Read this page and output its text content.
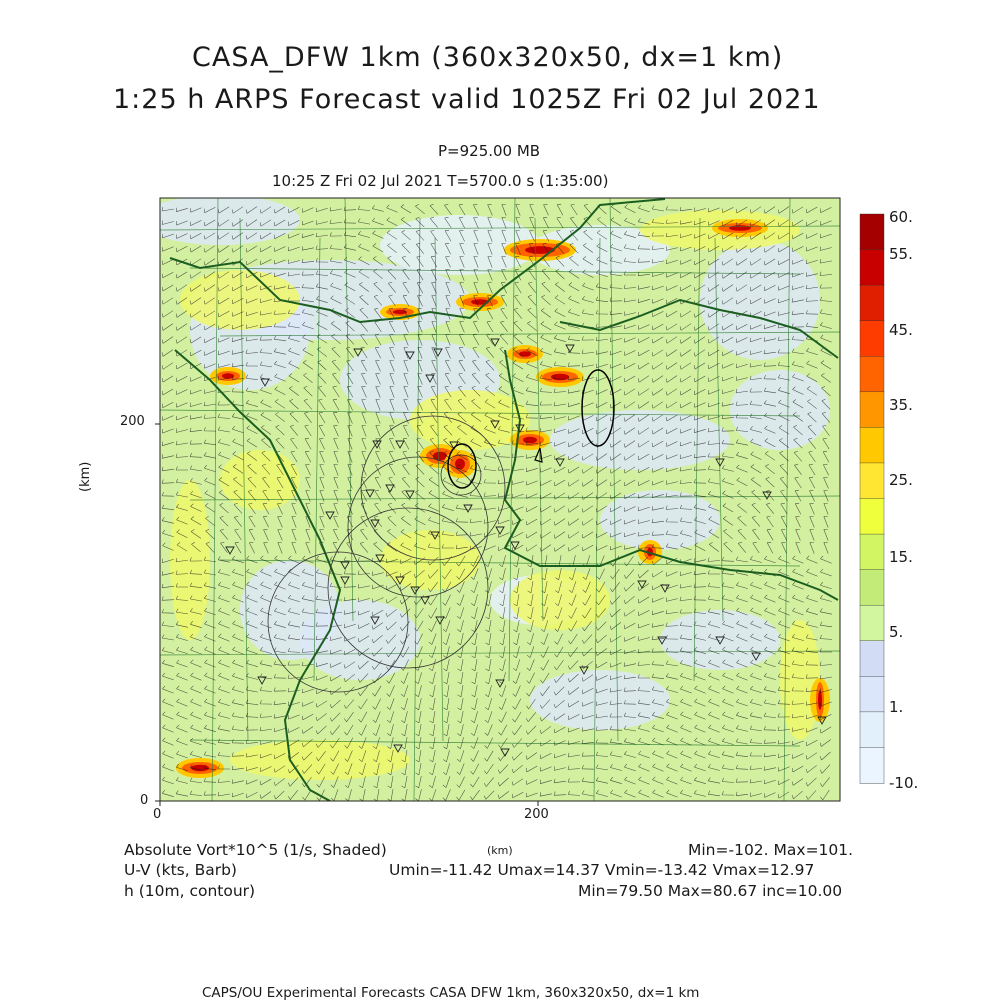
CASA_DFW 1km (360x320x50, dx=1 km)
1:25 h ARPS Forecast valid 1025Z Fri 02 Jul 2021
P=925.00 MB
10:25 Z Fri 02 Jul 2021 T=5700.0 s (1:35:00)
(km)
200
0
0	200
(km)
60.
55.
45.
35.
25.
15.
5.
1.
-10.
Absolute Vort*10^5 (1/s, Shaded)
U-V (kts, Barb)
h (10m, contour)
Min=-102. Max=101.
Umin=-11.42 Umax=14.37 Vmin=-13.42 Vmax=12.97
Min=79.50 Max=80.67 inc=10.00
CAPS/OU Experimental Forecasts CASA DFW 1km, 360x320x50, dx=1 km
